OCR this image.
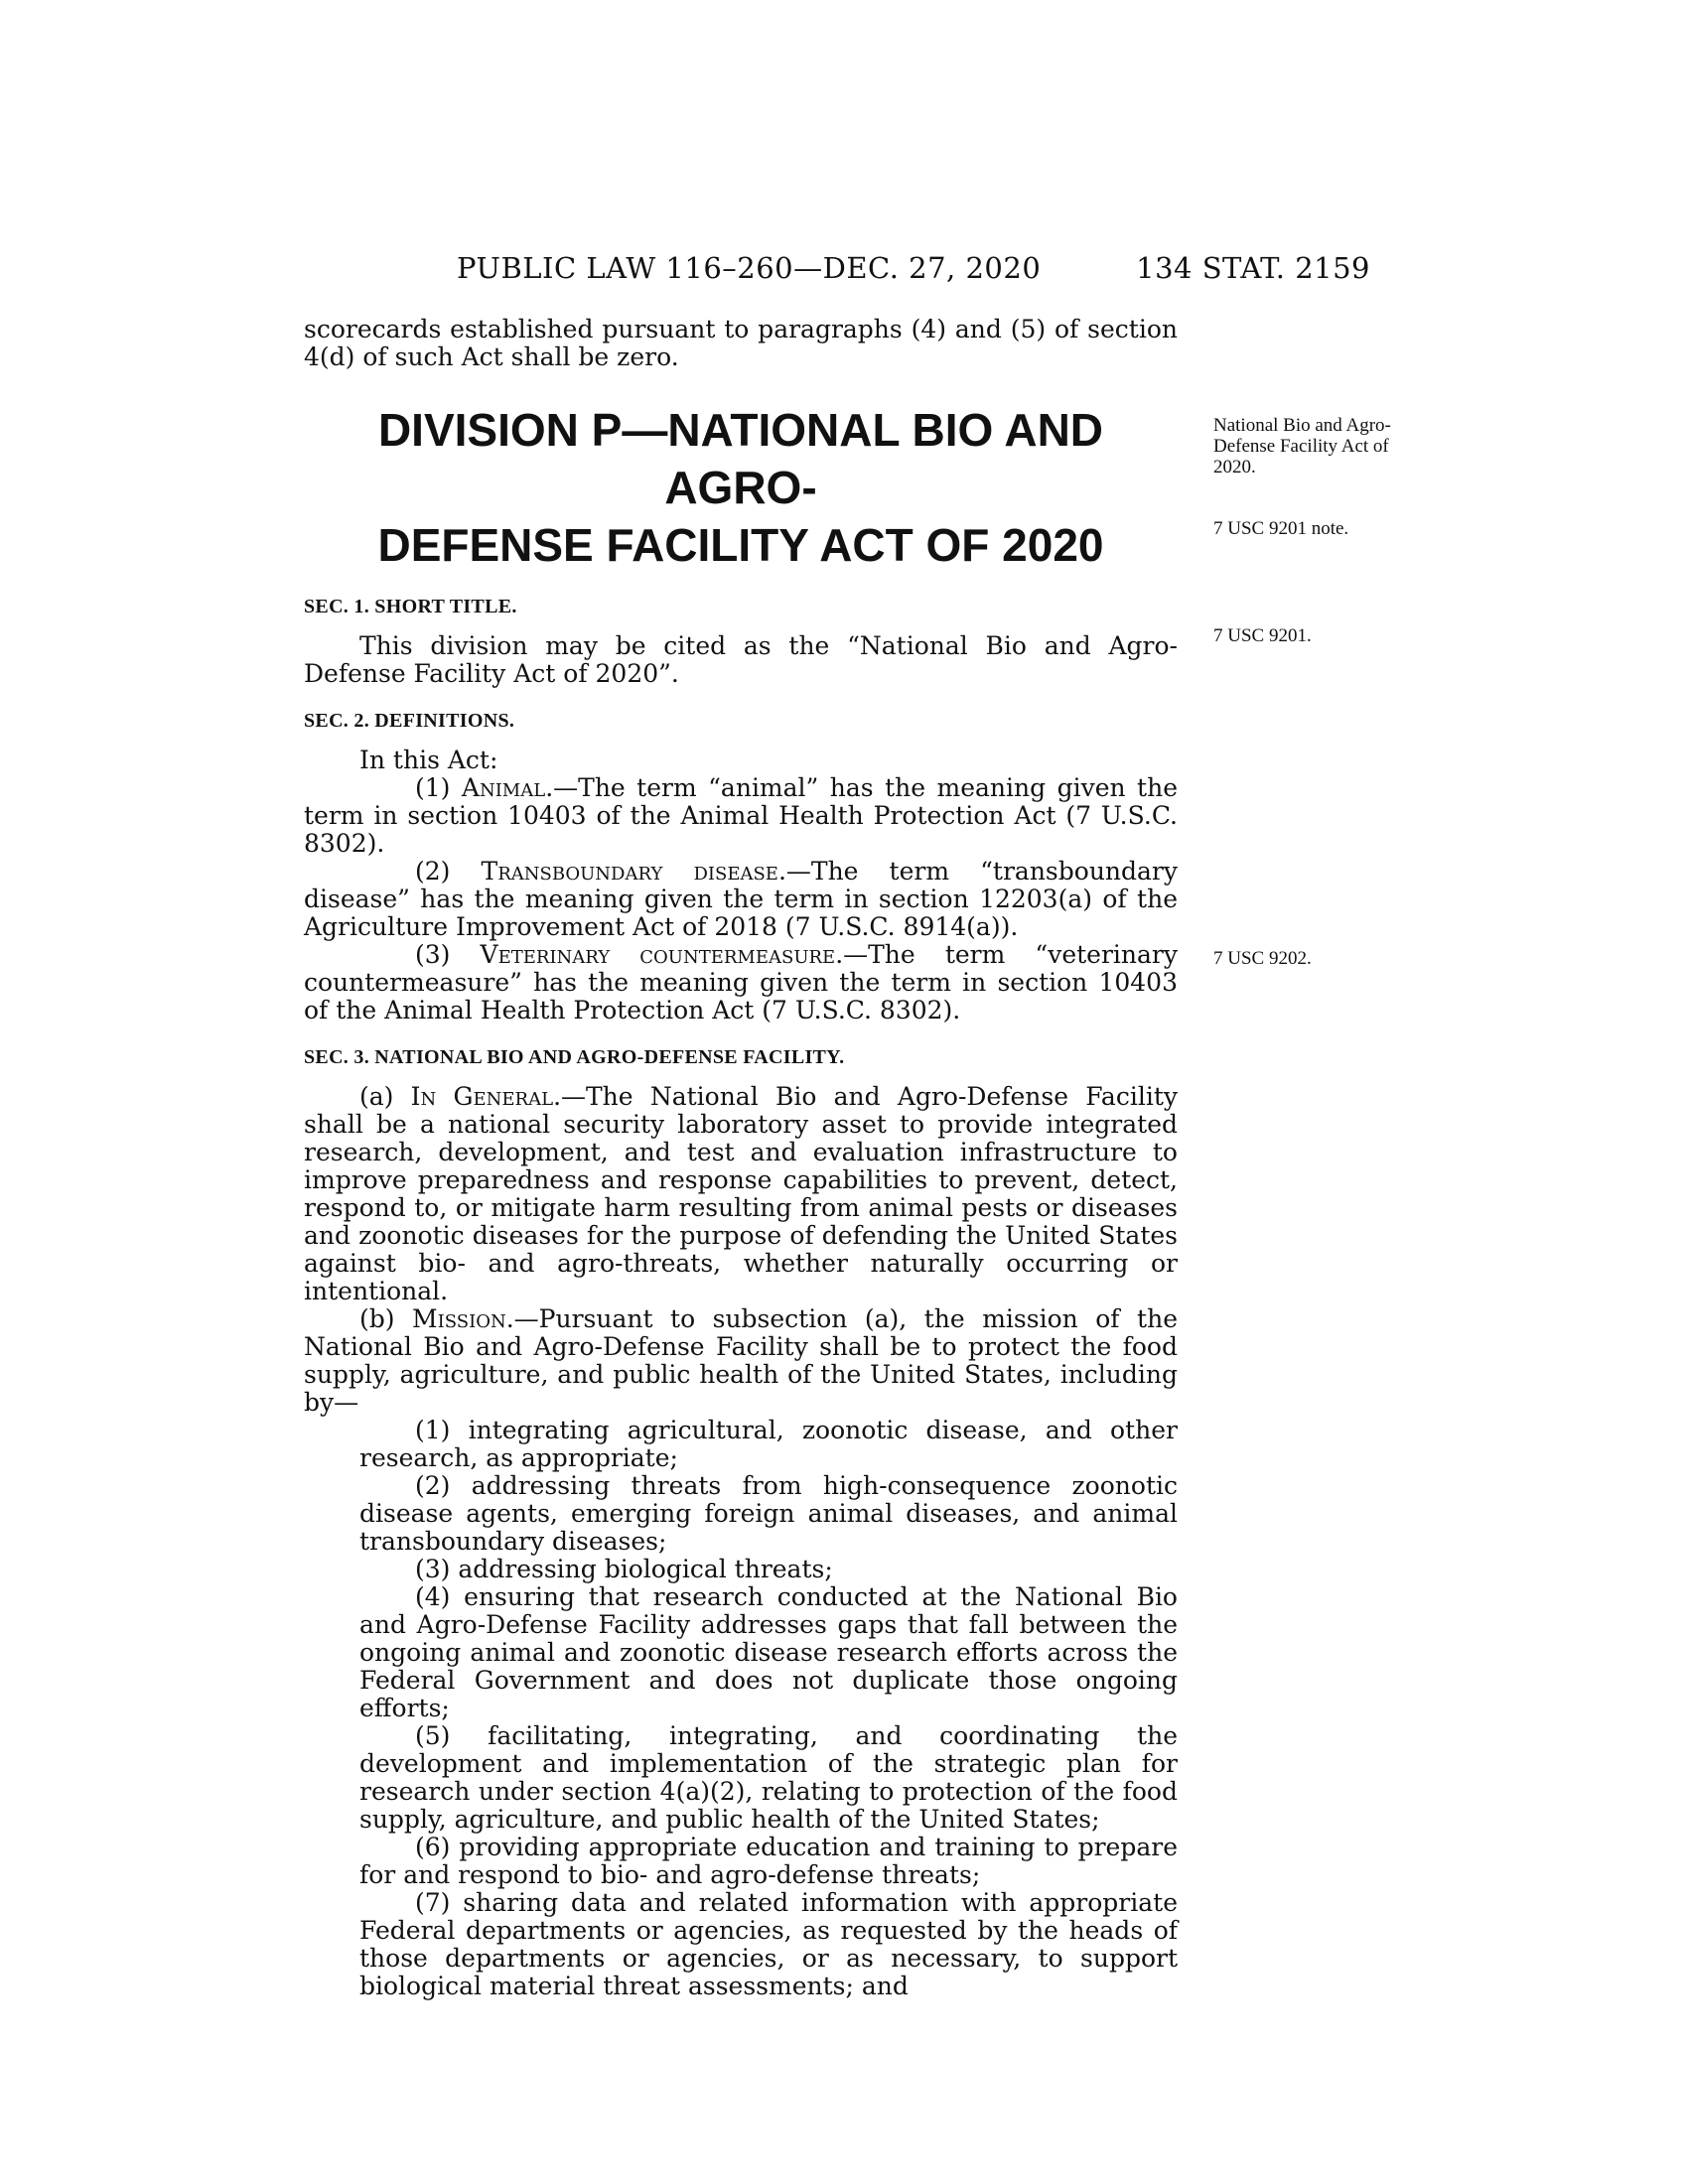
PUBLIC LAW 116–260—DEC. 27, 2020	134 STAT. 2159

scorecards established pursuant to paragraphs (4) and (5) of section 4(d) of such Act shall be zero.

DIVISION P—NATIONAL BIO AND AGRO-
DEFENSE FACILITY ACT OF 2020
SEC. 1. SHORT TITLE.

This division may be cited as the “National Bio and Agro-Defense Facility Act of 2020”.

SEC. 2. DEFINITIONS.

In this Act:

(1) Animal.—The term “animal” has the meaning given the term in section 10403 of the Animal Health Protection Act (7 U.S.C. 8302).

(2) Transboundary disease.—The term “transboundary disease” has the meaning given the term in section 12203(a) of the Agriculture Improvement Act of 2018 (7 U.S.C. 8914(a)).

(3) Veterinary countermeasure.—The term “veterinary countermeasure” has the meaning given the term in section 10403 of the Animal Health Protection Act (7 U.S.C. 8302).

SEC. 3. NATIONAL BIO AND AGRO-DEFENSE FACILITY.

(a) In General.—The National Bio and Agro-Defense Facility shall be a national security laboratory asset to provide integrated research, development, and test and evaluation infrastructure to improve preparedness and response capabilities to prevent, detect, respond to, or mitigate harm resulting from animal pests or diseases and zoonotic diseases for the purpose of defending the United States against bio- and agro-threats, whether naturally occurring or intentional.

(b) Mission.—Pursuant to subsection (a), the mission of the National Bio and Agro-Defense Facility shall be to protect the food supply, agriculture, and public health of the United States, including by—

(1) integrating agricultural, zoonotic disease, and other research, as appropriate;

(2) addressing threats from high-consequence zoonotic disease agents, emerging foreign animal diseases, and animal transboundary diseases;

(3) addressing biological threats;

(4) ensuring that research conducted at the National Bio and Agro-Defense Facility addresses gaps that fall between the ongoing animal and zoonotic disease research efforts across the Federal Government and does not duplicate those ongoing efforts;

(5) facilitating, integrating, and coordinating the development and implementation of the strategic plan for research under section 4(a)(2), relating to protection of the food supply, agriculture, and public health of the United States;

(6) providing appropriate education and training to prepare for and respond to bio- and agro-defense threats;

(7) sharing data and related information with appropriate Federal departments or agencies, as requested by the heads of those departments or agencies, or as necessary, to support biological material threat assessments; and

National Bio and Agro-Defense Facility Act of 2020.
7 USC 9201 note.
7 USC 9201.
7 USC 9202.
